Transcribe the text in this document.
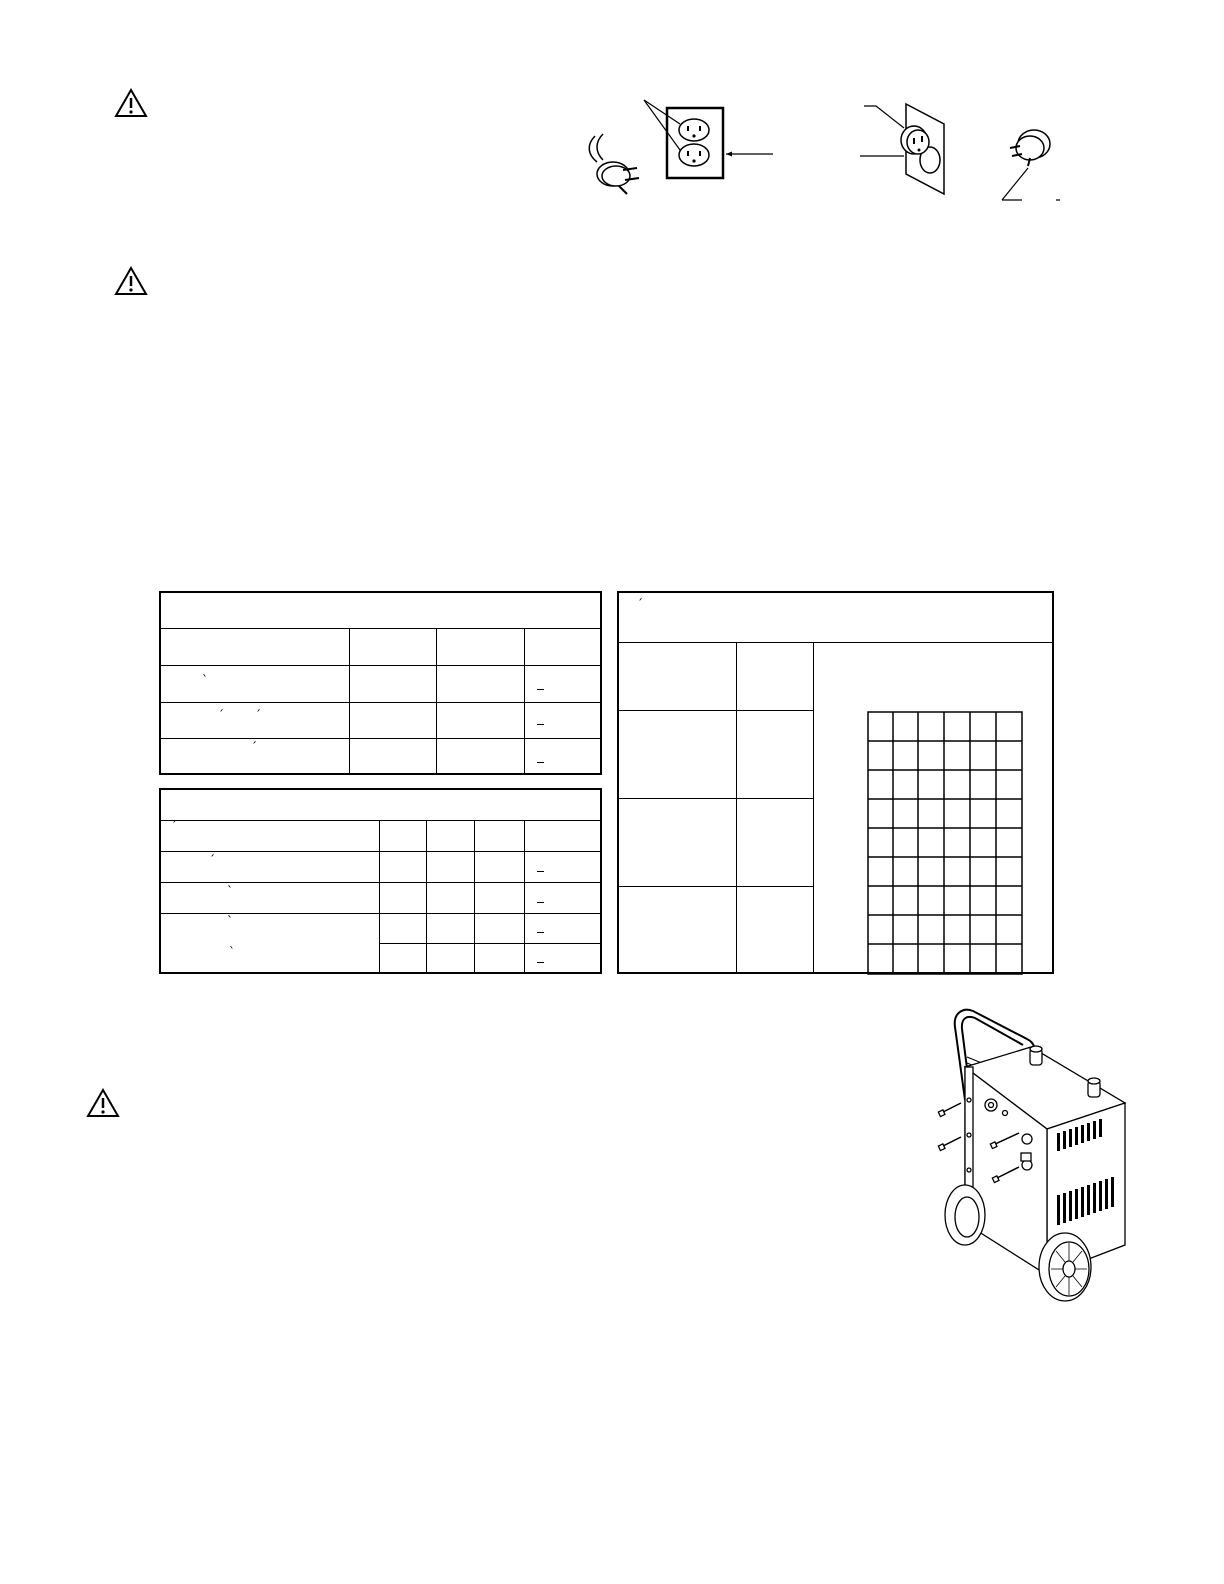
`
´	´
´
´
´
`
`
`
´
